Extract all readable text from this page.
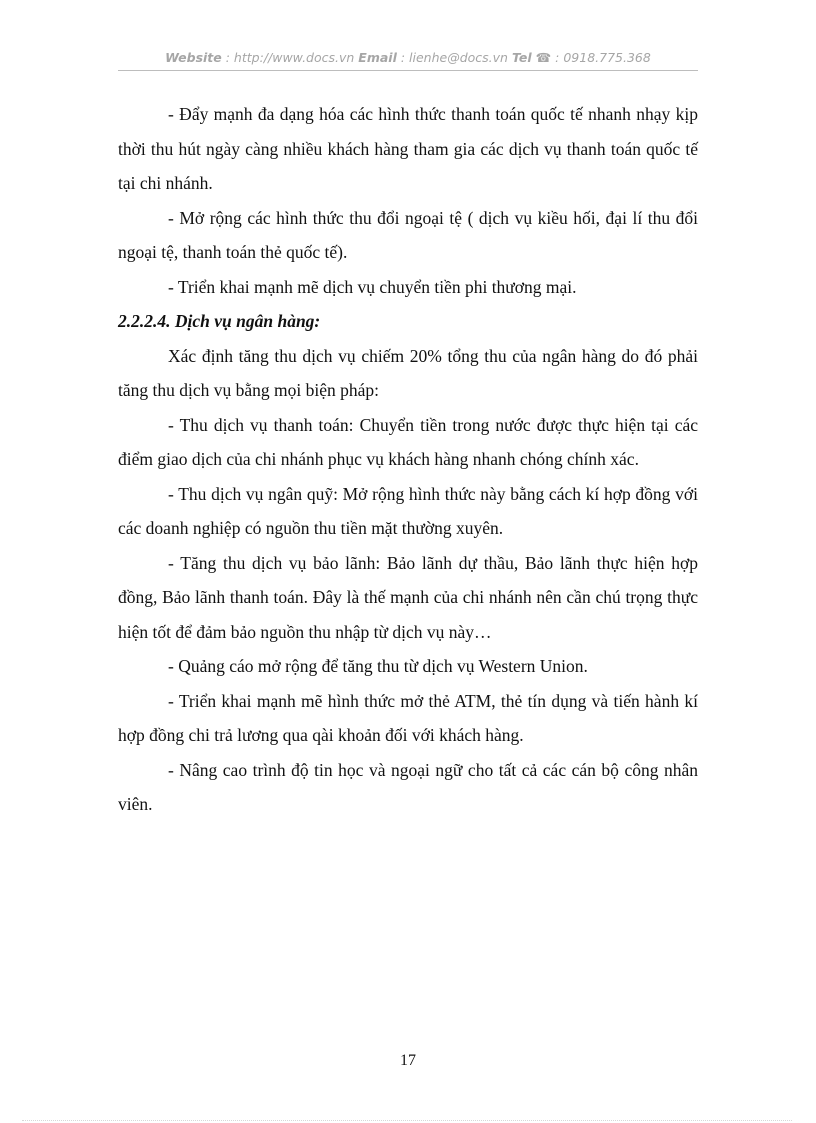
Website : http://www.docs.vn Email : lienhe@docs.vn Tel ☎ : 0918.775.368

- Đẩy mạnh đa dạng hóa các hình thức thanh toán quốc tế nhanh nhạy kịp thời thu hút ngày càng nhiều khách hàng tham gia các dịch vụ thanh toán quốc tế tại chi nhánh.

- Mở rộng các hình thức thu đổi ngoại tệ ( dịch vụ kiều hối, đại lí thu đổi ngoại tệ, thanh toán thẻ quốc tế).

- Triển khai mạnh mẽ dịch vụ chuyển tiền phi thương mại.

2.2.2.4. Dịch vụ ngân hàng:

Xác định tăng thu dịch vụ chiếm 20% tổng thu của ngân hàng do đó phải tăng thu dịch vụ bằng mọi biện pháp:

- Thu dịch vụ thanh toán: Chuyển tiền trong nước được thực hiện tại các điểm giao dịch của chi nhánh phục vụ khách hàng nhanh chóng chính xác.

- Thu dịch vụ ngân quỹ: Mở rộng hình thức này bằng cách kí hợp đồng với các doanh nghiệp có nguồn thu tiền mặt thường xuyên.

- Tăng thu dịch vụ bảo lãnh: Bảo lãnh dự thầu, Bảo lãnh thực hiện hợp đồng, Bảo lãnh thanh toán. Đây là thế mạnh của chi nhánh nên cần chú trọng thực hiện tốt để đảm bảo nguồn thu nhập từ dịch vụ này…

- Quảng cáo mở rộng để tăng thu từ dịch vụ Western Union.

- Triển khai mạnh mẽ hình thức mở thẻ ATM, thẻ tín dụng và tiến hành kí hợp đồng chi trả lương qua qài khoản đối với khách hàng.

- Nâng cao trình độ tin học và ngoại ngữ cho tất cả các cán bộ công nhân viên.

17
